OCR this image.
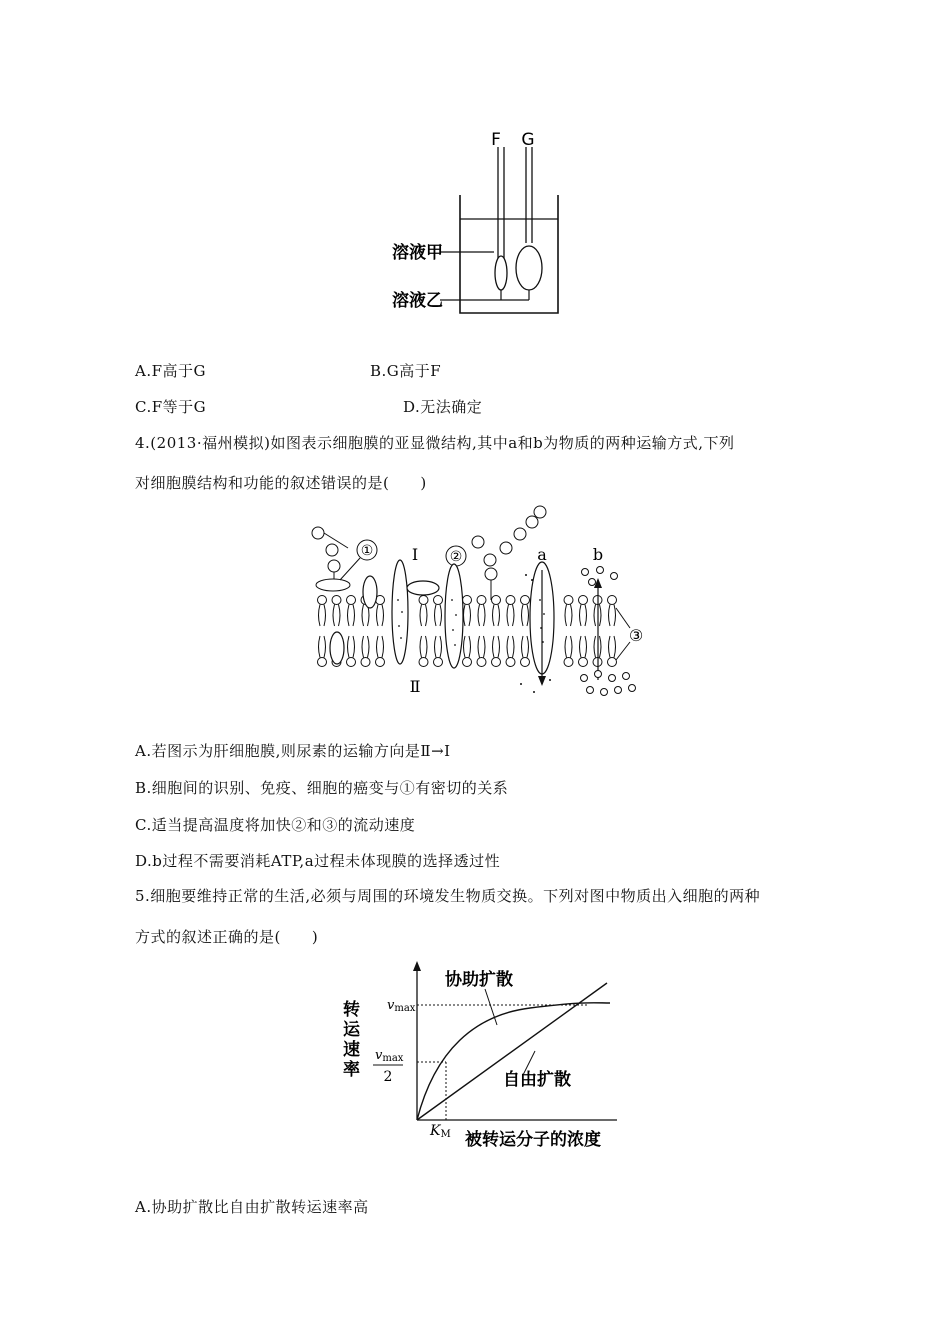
F G
溶液甲
溶液乙
A.F高于G	B.G高于F
C.F等于G	D.无法确定
4.(2013·福州模拟)如图表示细胞膜的亚显微结构,其中a和b为物质的两种运输方式,下列
对细胞膜结构和功能的叙述错误的是(　　)
①	②
③
Ⅰ
Ⅱ
a	b
A.若图示为肝细胞膜,则尿素的运输方向是Ⅱ→Ⅰ
B.细胞间的识别、免疫、细胞的癌变与①有密切的关系
C.适当提高温度将加快②和③的流动速度
D.b过程不需要消耗ATP,a过程未体现膜的选择透过性
5.细胞要维持正常的生活,必须与周围的环境发生物质交换。下列对图中物质出入细胞的两种
方式的叙述正确的是(　　)
协助扩散
自由扩散
vmax
vmax
2
KM 被转运分子的浓度
转
运
速
率
A.协助扩散比自由扩散转运速率高
